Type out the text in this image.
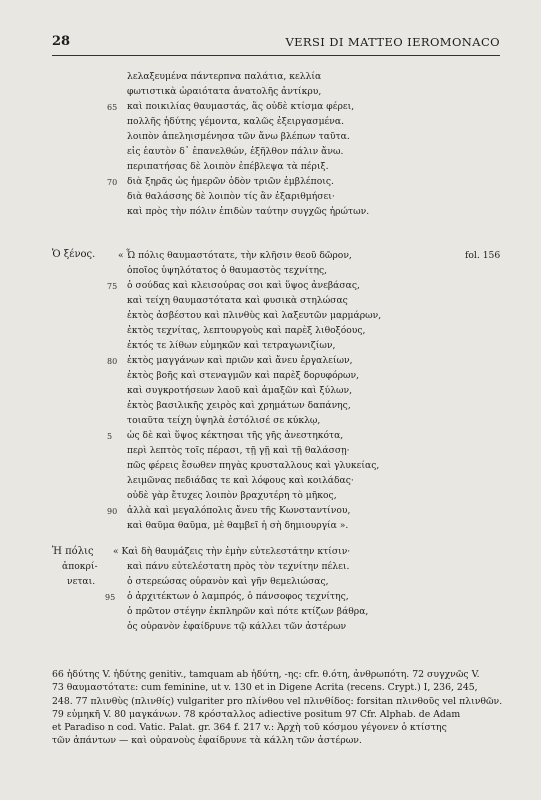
28	VERSI DI MATTEO IEROMONACO
λελαξευμένα πάντερπνα παλάτια, κελλία
φωτιστικὰ ὡραιότατα ἀνατολῆς ἀντίκρυ,
καὶ ποικιλίας θαυμαστάς, ἅς οὐδὲ κτίσμα φέρει,
πολλῆς ἡδύτης γέμοντα, καλῶς ἐξειργασμένα.
λοιπὸν ἀπεληισμένησα τῶν ἄνω βλέπων ταῦτα.
εἰς ἑαυτὸν δ᾽ ἐπανελθών, ἐξῆλθον πάλιν ἄνω.
περιπατήσας δὲ λοιπὸν ἐπέβλεψα τὰ πέριξ.
διὰ ξηρᾶς ὡς ἡμερῶν ὁδὸν τριῶν ἐμβλέποις.
διὰ θαλάσσης δὲ λοιπὸν τίς ἂν ἐξαριθμήσει·
καὶ πρὸς τὴν πόλιν ἐπιδὼν ταύτην συγχῶς ἠρώτων.
65
70
Ὁ ξένος.	fol. 156
« Ὦ πόλις θαυμαστότατε, τὴν κλῆσιν θεοῦ δῶρον,
ὁποῖος ὑψηλότατος ὁ θαυμαστὸς τεχνίτης,
ὁ σούδας καὶ κλεισούρας σοι καὶ ὕψος ἀνεβάσας,
καὶ τείχη θαυμαστότατα καὶ φυσικὰ στηλώσας
ἐκτὸς ἀσβέστου καὶ πλινθὺς καὶ λαξευτῶν μαρμάρων,
ἐκτὸς τεχνίτας, λεπτουργοὺς καὶ παρὲξ λιθοξόους,
ἐκτός τε λίθων εὐμηκῶν καὶ τετραγωνιζίων,
ἐκτὸς μαγγάνων καὶ πριῶν καὶ ἄνευ ἐργαλείων,
ἐκτὸς βοῆς καὶ στεναγμῶν καὶ παρὲξ δορυφόρων,
καὶ συγκροτήσεων λαοῦ καὶ ἀμαξῶν καὶ ξύλων,
ἐκτὸς βασιλικῆς χειρὸς καὶ χρημάτων δαπάνης,
τοιαῦτα τείχη ὑψηλὰ ἐστόλισέ σε κύκλῳ,
ὡς δὲ καὶ ὕψος κέκτησαι τῆς γῆς ἀνεστηκότα,
περὶ λεπτὸς τοῖς πέρασι, τῇ γῇ καὶ τῇ θαλάσσῃ·
πῶς φέρεις ἔσωθεν πηγὰς κρυσταλλους καὶ γλυκείας,
λειμῶνας πεδιάδας τε καὶ λόφους καὶ κοιλάδας·
οὐδὲ γὰρ ἔτυχες λοιπὸν βραχυτέρη τὸ μῆκος,
ἀλλὰ καὶ μεγαλόπολις ἄνευ τῆς Κωνσταντίνου,
καὶ θαῦμα θαῦμα, μὲ θαμβεῖ ἡ σὴ δημιουργία ».
75
80
5
90
Ἡ πόλις
ἀποκρί-
νεται.
« Καὶ δὴ θαυμάζεις τὴν ἐμὴν εὐτελεστάτην κτίσιν·
καὶ πάνυ εὐτελέστατη πρὸς τὸν τεχνίτην πέλει.
ὁ στερεώσας οὐρανὸν καὶ γῆν θεμελιώσας,
ὁ ἀρχιτέκτων ὁ λαμπρός, ὁ πάνσοφος τεχνίτης,
ὁ πρῶτον στέγην ἐκπληρῶν καὶ πότε κτίζων βάθρα,
ὁς οὐρανὸν ἐφαίδρυνε τῷ κάλλει τῶν ἀστέρων
95

66 ἡδύτης V. ἡδύτης genitiv., tamquam ab ἡδύτη, -ης: cfr. θ.ότη, ἀνθρωπότη. 72 συγχνῶς V.

73 θαυμαστότατε: cum feminine, ut v. 130 et in Digene Acrita (recens. Crypt.) I, 236, 245,

248. 77 πλινθὺς (πλινθίς) vulgariter pro πλίνθου vel πλινθίδος: forsitan πλινθοῦς vel πλινθῶν.

79 εὐμηκῆ V. 80 μαγκάνων. 78 κρόσταλλος adiective positum 97 Cfr. Alphab. de Adam

et Paradiso n cod. Vatic. Palat. gr. 364 f. 217 v.: Ἀρχὴ τοῦ κόσμου γέγονεν ὁ κτίστης

τῶν ἁπάντων — καὶ οὐρανοὺς ἐφαίδρυνε τὰ κάλλη τῶν ἀστέρων.
